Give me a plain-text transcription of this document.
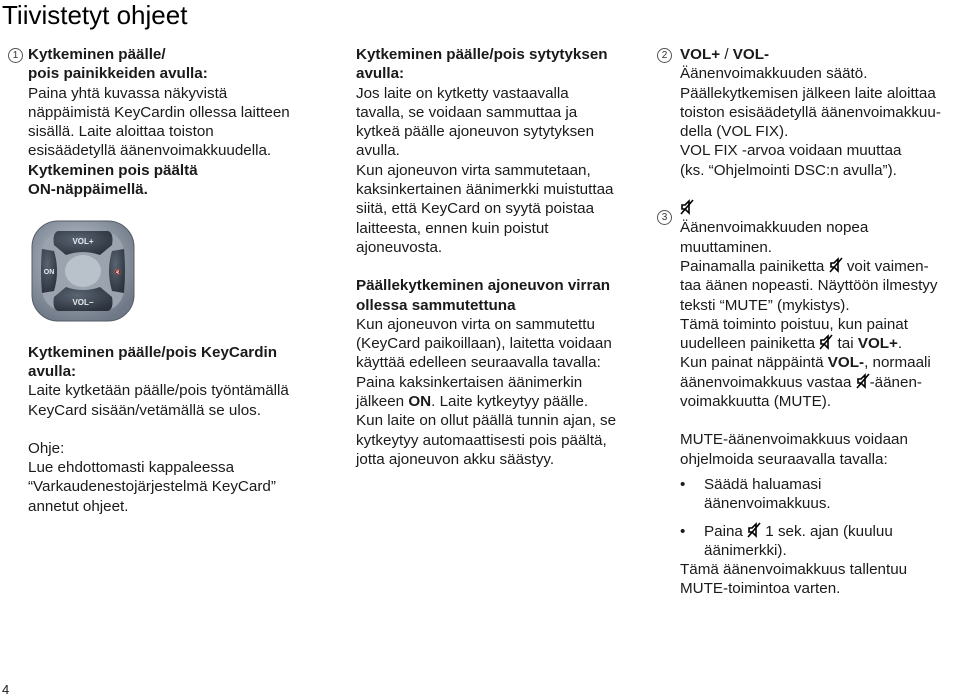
Tiivistetyt ohjeet
1	2
3

Kytkeminen päälle/

pois painikkeiden avulla:

Paina yhtä kuvassa näkyvistä

näppäimistä KeyCardin ollessa laitteen

sisällä. Laite aloittaa toiston

esisäädetyllä äänenvoimakkuudella.

Kytkeminen pois päältä

ON-näppäimellä.

VOL+
VOL−
ON	🔇

Kytkeminen päälle/pois KeyCardin

avulla:

Laite kytketään päälle/pois työntämällä

KeyCard sisään/vetämällä se ulos.

Ohje:

Lue ehdottomasti kappaleessa

“Varkaudenestojärjestelmä KeyCard”

annetut ohjeet.

Kytkeminen päälle/pois sytytyksen

avulla:

Jos laite on kytketty vastaavalla

tavalla, se voidaan sammuttaa ja

kytkeä päälle ajoneuvon sytytyksen

avulla.

Kun ajoneuvon virta sammutetaan,

kaksinkertainen äänimerkki muistuttaa

siitä, että KeyCard on syytä poistaa

laitteesta, ennen kuin poistut

ajoneuvosta.

Päällekytkeminen ajoneuvon virran

ollessa sammutettuna

Kun ajoneuvon virta on sammutettu

(KeyCard paikoillaan), laitetta voidaan

käyttää edelleen seuraavalla tavalla:

Paina kaksinkertaisen äänimerkin

jälkeen ON. Laite kytkeytyy päälle.

Kun laite on ollut päällä tunnin ajan, se

kytkeytyy automaattisesti pois päältä,

jotta ajoneuvon akku säästyy.

VOL+ / VOL-

Äänenvoimakkuuden säätö.

Päällekytkemisen jälkeen laite aloittaa

toiston esisäädetyllä äänenvoimakkuu-

della (VOL FIX).

VOL FIX -arvoa voidaan muuttaa

(ks. “Ohjelmointi DSC:n avulla”).

Äänenvoimakkuuden nopea

muuttaminen.

Painamalla painiketta  voit vaimen-

taa äänen nopeasti. Näyttöön ilmestyy

teksti “MUTE” (mykistys).

Tämä toiminto poistuu, kun painat

uudelleen painiketta  tai VOL+.

Kun painat näppäintä VOL-, normaali

äänenvoimakkuus vastaa -äänen-

voimakkuutta (MUTE).

MUTE-äänenvoimakkuus voidaan

ohjelmoida seuraavalla tavalla:

•	Säädä haluamasi

äänenvoimakkuus.

•	Paina  1 sek. ajan (kuuluu

äänimerkki).

Tämä äänenvoimakkuus tallentuu

MUTE-toimintoa varten.

4
